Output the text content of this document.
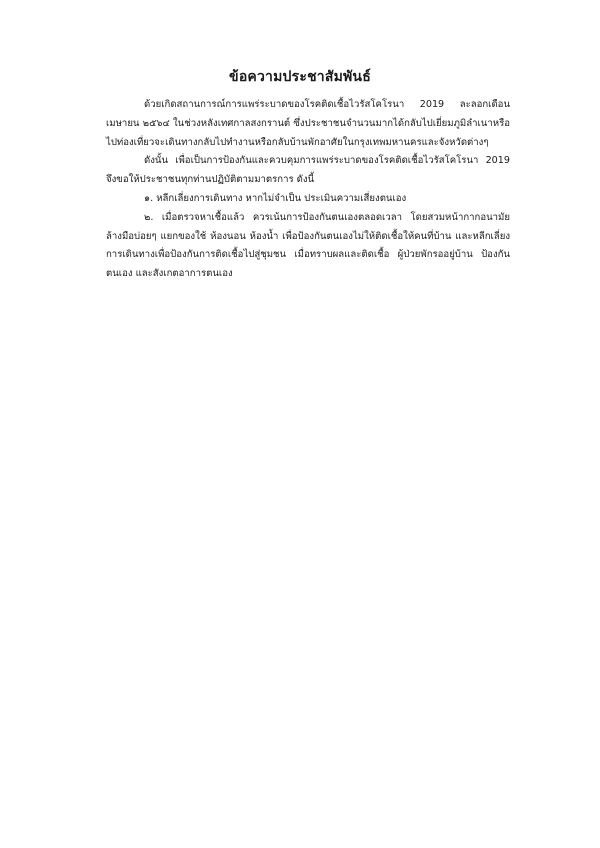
ข้อความประชาสัมพันธ์

ด้วยเกิดสถานการณ์การแพร่ระบาดของโรคติดเชื้อไวรัสโคโรนา 2019 ละลอกเดือนเมษายน ๒๕๖๔ ในช่วงหลังเทศกาลสงกรานต์ ซึ่งประชาชนจำนวนมากได้กลับไปเยี่ยมภูมิลำเนาหรือไปท่องเที่ยวจะเดินทางกลับไปทำงานหรือกลับบ้านพักอาศัยในกรุงเทพมหานครและจังหวัดต่างๆ

ดังนั้น เพื่อเป็นการป้องกันและควบคุมการแพร่ระบาดของโรคติดเชื้อไวรัสโคโรนา 2019 จึงขอให้ประชาชนทุกท่านปฏิบัติตามมาตรการ ดังนี้

๑. หลีกเลี่ยงการเดินทาง หากไม่จำเป็น ประเมินความเสี่ยงตนเอง

๒. เมื่อตรวจหาเชื้อแล้ว ควรเน้นการป้องกันตนเองตลอดเวลา โดยสวมหน้ากากอนามัย ล้างมือบ่อยๆ แยกของใช้ ห้องนอน ห้องน้ำ เพื่อป้องกันตนเองไม่ให้ติดเชื้อให้คนที่บ้าน และหลีกเลี่ยงการเดินทางเพื่อป้องกันการติดเชื้อไปสู่ชุมชน เมื่อทราบผลและติดเชื้อ ผู้ป่วยพักรออยู่บ้าน ป้องกันตนเอง และสังเกตอาการตนเอง
